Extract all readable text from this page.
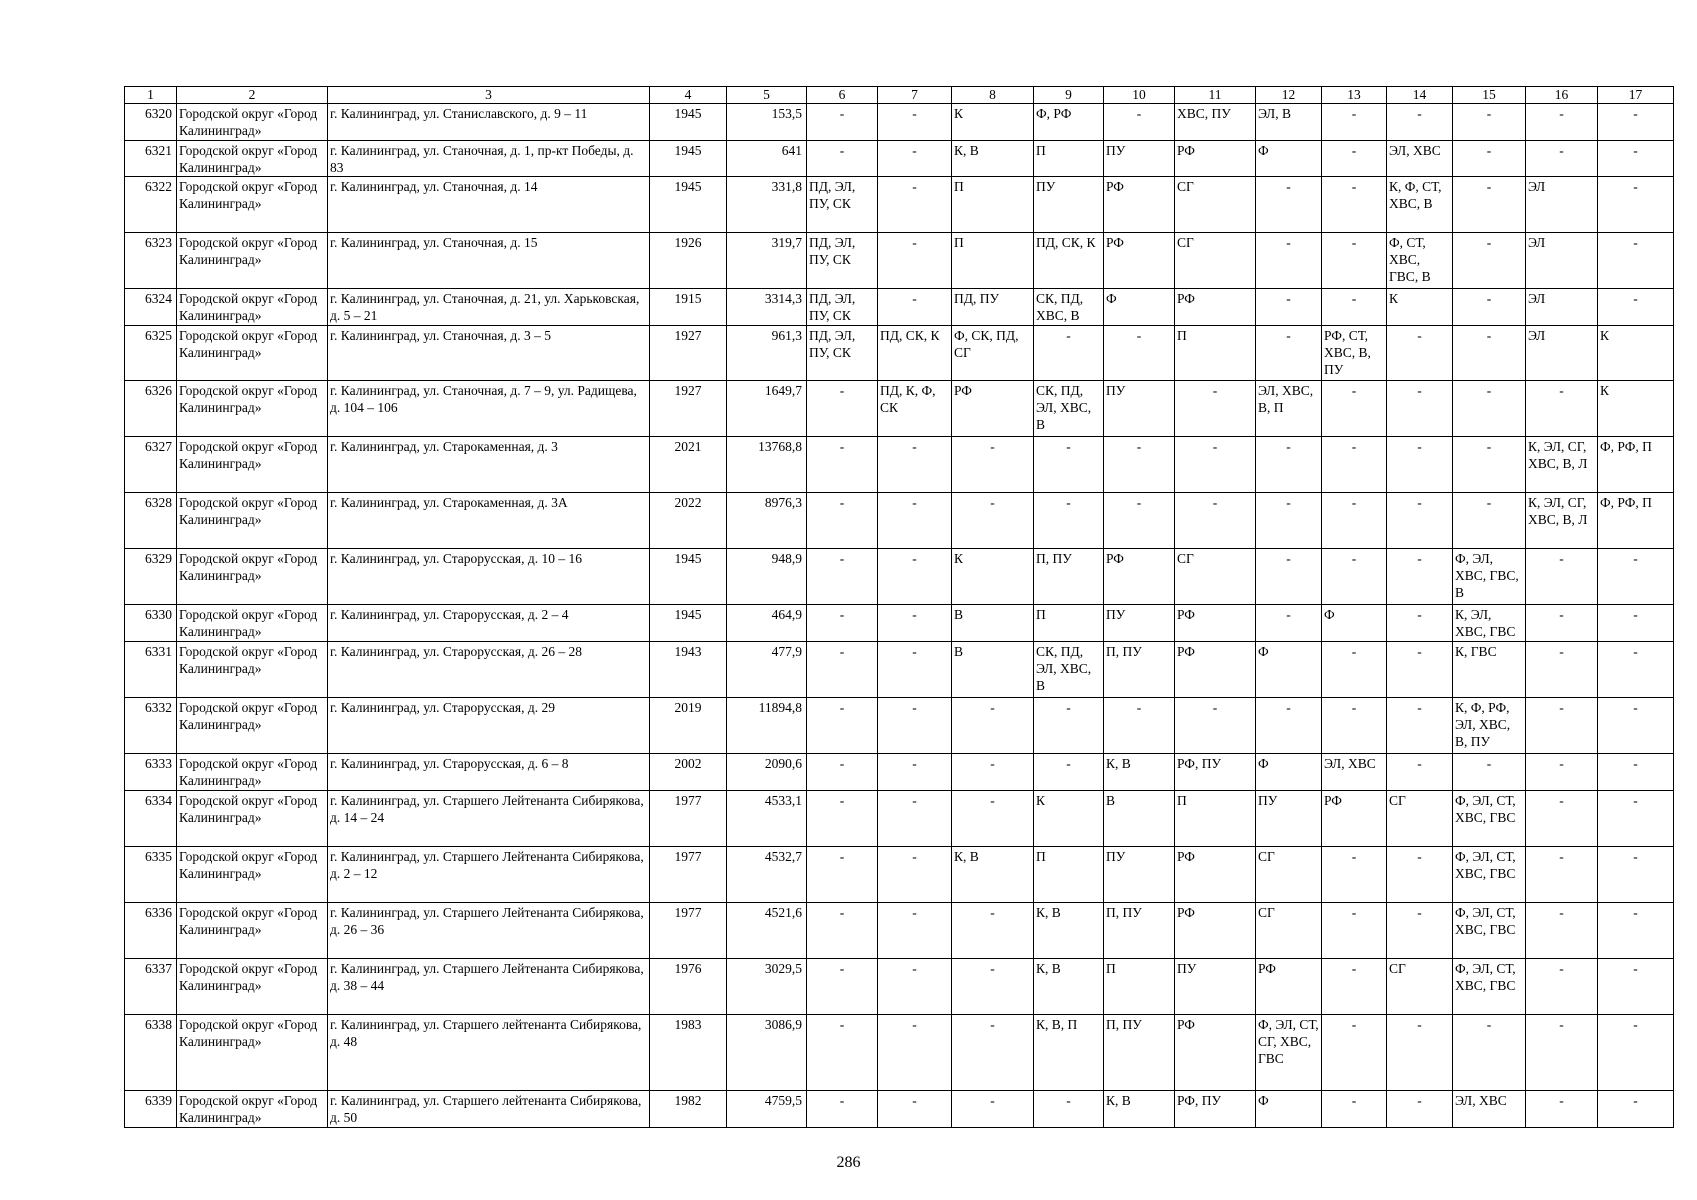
1	2	3	4	5	6	7	8	9	10	11	12	13	14	15	16	17
6320	Городской округ «Город Калининград»	г. Калининград, ул. Станиславского, д. 9 – 11	1945	153,5	-	-	К	Ф, РФ	-	ХВС, ПУ	ЭЛ, В	-	-	-	-	-
6321	Городской округ «Город Калининград»	г. Калининград, ул. Станочная, д. 1, пр-кт Победы, д. 83	1945	641	-	-	К, В	П	ПУ	РФ	Ф	-	ЭЛ, ХВС	-	-	-
6322	Городской округ «Город Калининград»	г. Калининград, ул. Станочная, д. 14	1945	331,8	ПД, ЭЛ, ПУ, СК	-	П	ПУ	РФ	СГ	-	-	К, Ф, СТ, ХВС, В	-	ЭЛ	-
6323	Городской округ «Город Калининград»	г. Калининград, ул. Станочная, д. 15	1926	319,7	ПД, ЭЛ, ПУ, СК	-	П	ПД, СК, К	РФ	СГ	-	-	Ф, СТ, ХВС, ГВС, В	-	ЭЛ	-
6324	Городской округ «Город Калининград»	г. Калининград, ул. Станочная, д. 21, ул. Харьковская, д. 5 – 21	1915	3314,3	ПД, ЭЛ, ПУ, СК	-	ПД, ПУ	СК, ПД, ХВС, В	Ф	РФ	-	-	К	-	ЭЛ	-
6325	Городской округ «Город Калининград»	г. Калининград, ул. Станочная, д. 3 – 5	1927	961,3	ПД, ЭЛ, ПУ, СК	ПД, СК, К	Ф, СК, ПД, СГ	-	-	П	-	РФ, СТ, ХВС, В, ПУ	-	-	ЭЛ	К
6326	Городской округ «Город Калининград»	г. Калининград, ул. Станочная, д. 7 – 9, ул. Радищева, д. 104 – 106	1927	1649,7	-	ПД, К, Ф, СК	РФ	СК, ПД, ЭЛ, ХВС, В	ПУ	-	ЭЛ, ХВС, В, П	-	-	-	-	К
6327	Городской округ «Город Калининград»	г. Калининград, ул. Старокаменная, д. 3	2021	13768,8	-	-	-	-	-	-	-	-	-	-	К, ЭЛ, СГ, ХВС, В, Л	Ф, РФ, П
6328	Городской округ «Город Калининград»	г. Калининград, ул. Старокаменная, д. 3А	2022	8976,3	-	-	-	-	-	-	-	-	-	-	К, ЭЛ, СГ, ХВС, В, Л	Ф, РФ, П
6329	Городской округ «Город Калининград»	г. Калининград, ул. Старорусская, д. 10 – 16	1945	948,9	-	-	К	П, ПУ	РФ	СГ	-	-	-	Ф, ЭЛ, ХВС, ГВС, В	-	-
6330	Городской округ «Город Калининград»	г. Калининград, ул. Старорусская, д. 2 – 4	1945	464,9	-	-	В	П	ПУ	РФ	-	Ф	-	К, ЭЛ, ХВС, ГВС	-	-
6331	Городской округ «Город Калининград»	г. Калининград, ул. Старорусская, д. 26 – 28	1943	477,9	-	-	В	СК, ПД, ЭЛ, ХВС, В	П, ПУ	РФ	Ф	-	-	К, ГВС	-	-
6332	Городской округ «Город Калининград»	г. Калининград, ул. Старорусская, д. 29	2019	11894,8	-	-	-	-	-	-	-	-	-	К, Ф, РФ, ЭЛ, ХВС, В, ПУ	-	-
6333	Городской округ «Город Калининград»	г. Калининград, ул. Старорусская, д. 6 – 8	2002	2090,6	-	-	-	-	К, В	РФ, ПУ	Ф	ЭЛ, ХВС	-	-	-	-
6334	Городской округ «Город Калининград»	г. Калининград, ул. Старшего Лейтенанта Сибирякова, д. 14 – 24	1977	4533,1	-	-	-	К	В	П	ПУ	РФ	СГ	Ф, ЭЛ, СТ, ХВС, ГВС	-	-
6335	Городской округ «Город Калининград»	г. Калининград, ул. Старшего Лейтенанта Сибирякова, д. 2 – 12	1977	4532,7	-	-	К, В	П	ПУ	РФ	СГ	-	-	Ф, ЭЛ, СТ, ХВС, ГВС	-	-
6336	Городской округ «Город Калининград»	г. Калининград, ул. Старшего Лейтенанта Сибирякова, д. 26 – 36	1977	4521,6	-	-	-	К, В	П, ПУ	РФ	СГ	-	-	Ф, ЭЛ, СТ, ХВС, ГВС	-	-
6337	Городской округ «Город Калининград»	г. Калининград, ул. Старшего Лейтенанта Сибирякова, д. 38 – 44	1976	3029,5	-	-	-	К, В	П	ПУ	РФ	-	СГ	Ф, ЭЛ, СТ, ХВС, ГВС	-	-
6338	Городской округ «Город Калининград»	г. Калининград, ул. Старшего лейтенанта Сибирякова, д. 48	1983	3086,9	-	-	-	К, В, П	П, ПУ	РФ	Ф, ЭЛ, СТ, СГ, ХВС, ГВС	-	-	-	-	-
6339	Городской округ «Город Калининград»	г. Калининград, ул. Старшего лейтенанта Сибирякова, д. 50	1982	4759,5	-	-	-	-	К, В	РФ, ПУ	Ф	-	-	ЭЛ, ХВС	-	-
286
